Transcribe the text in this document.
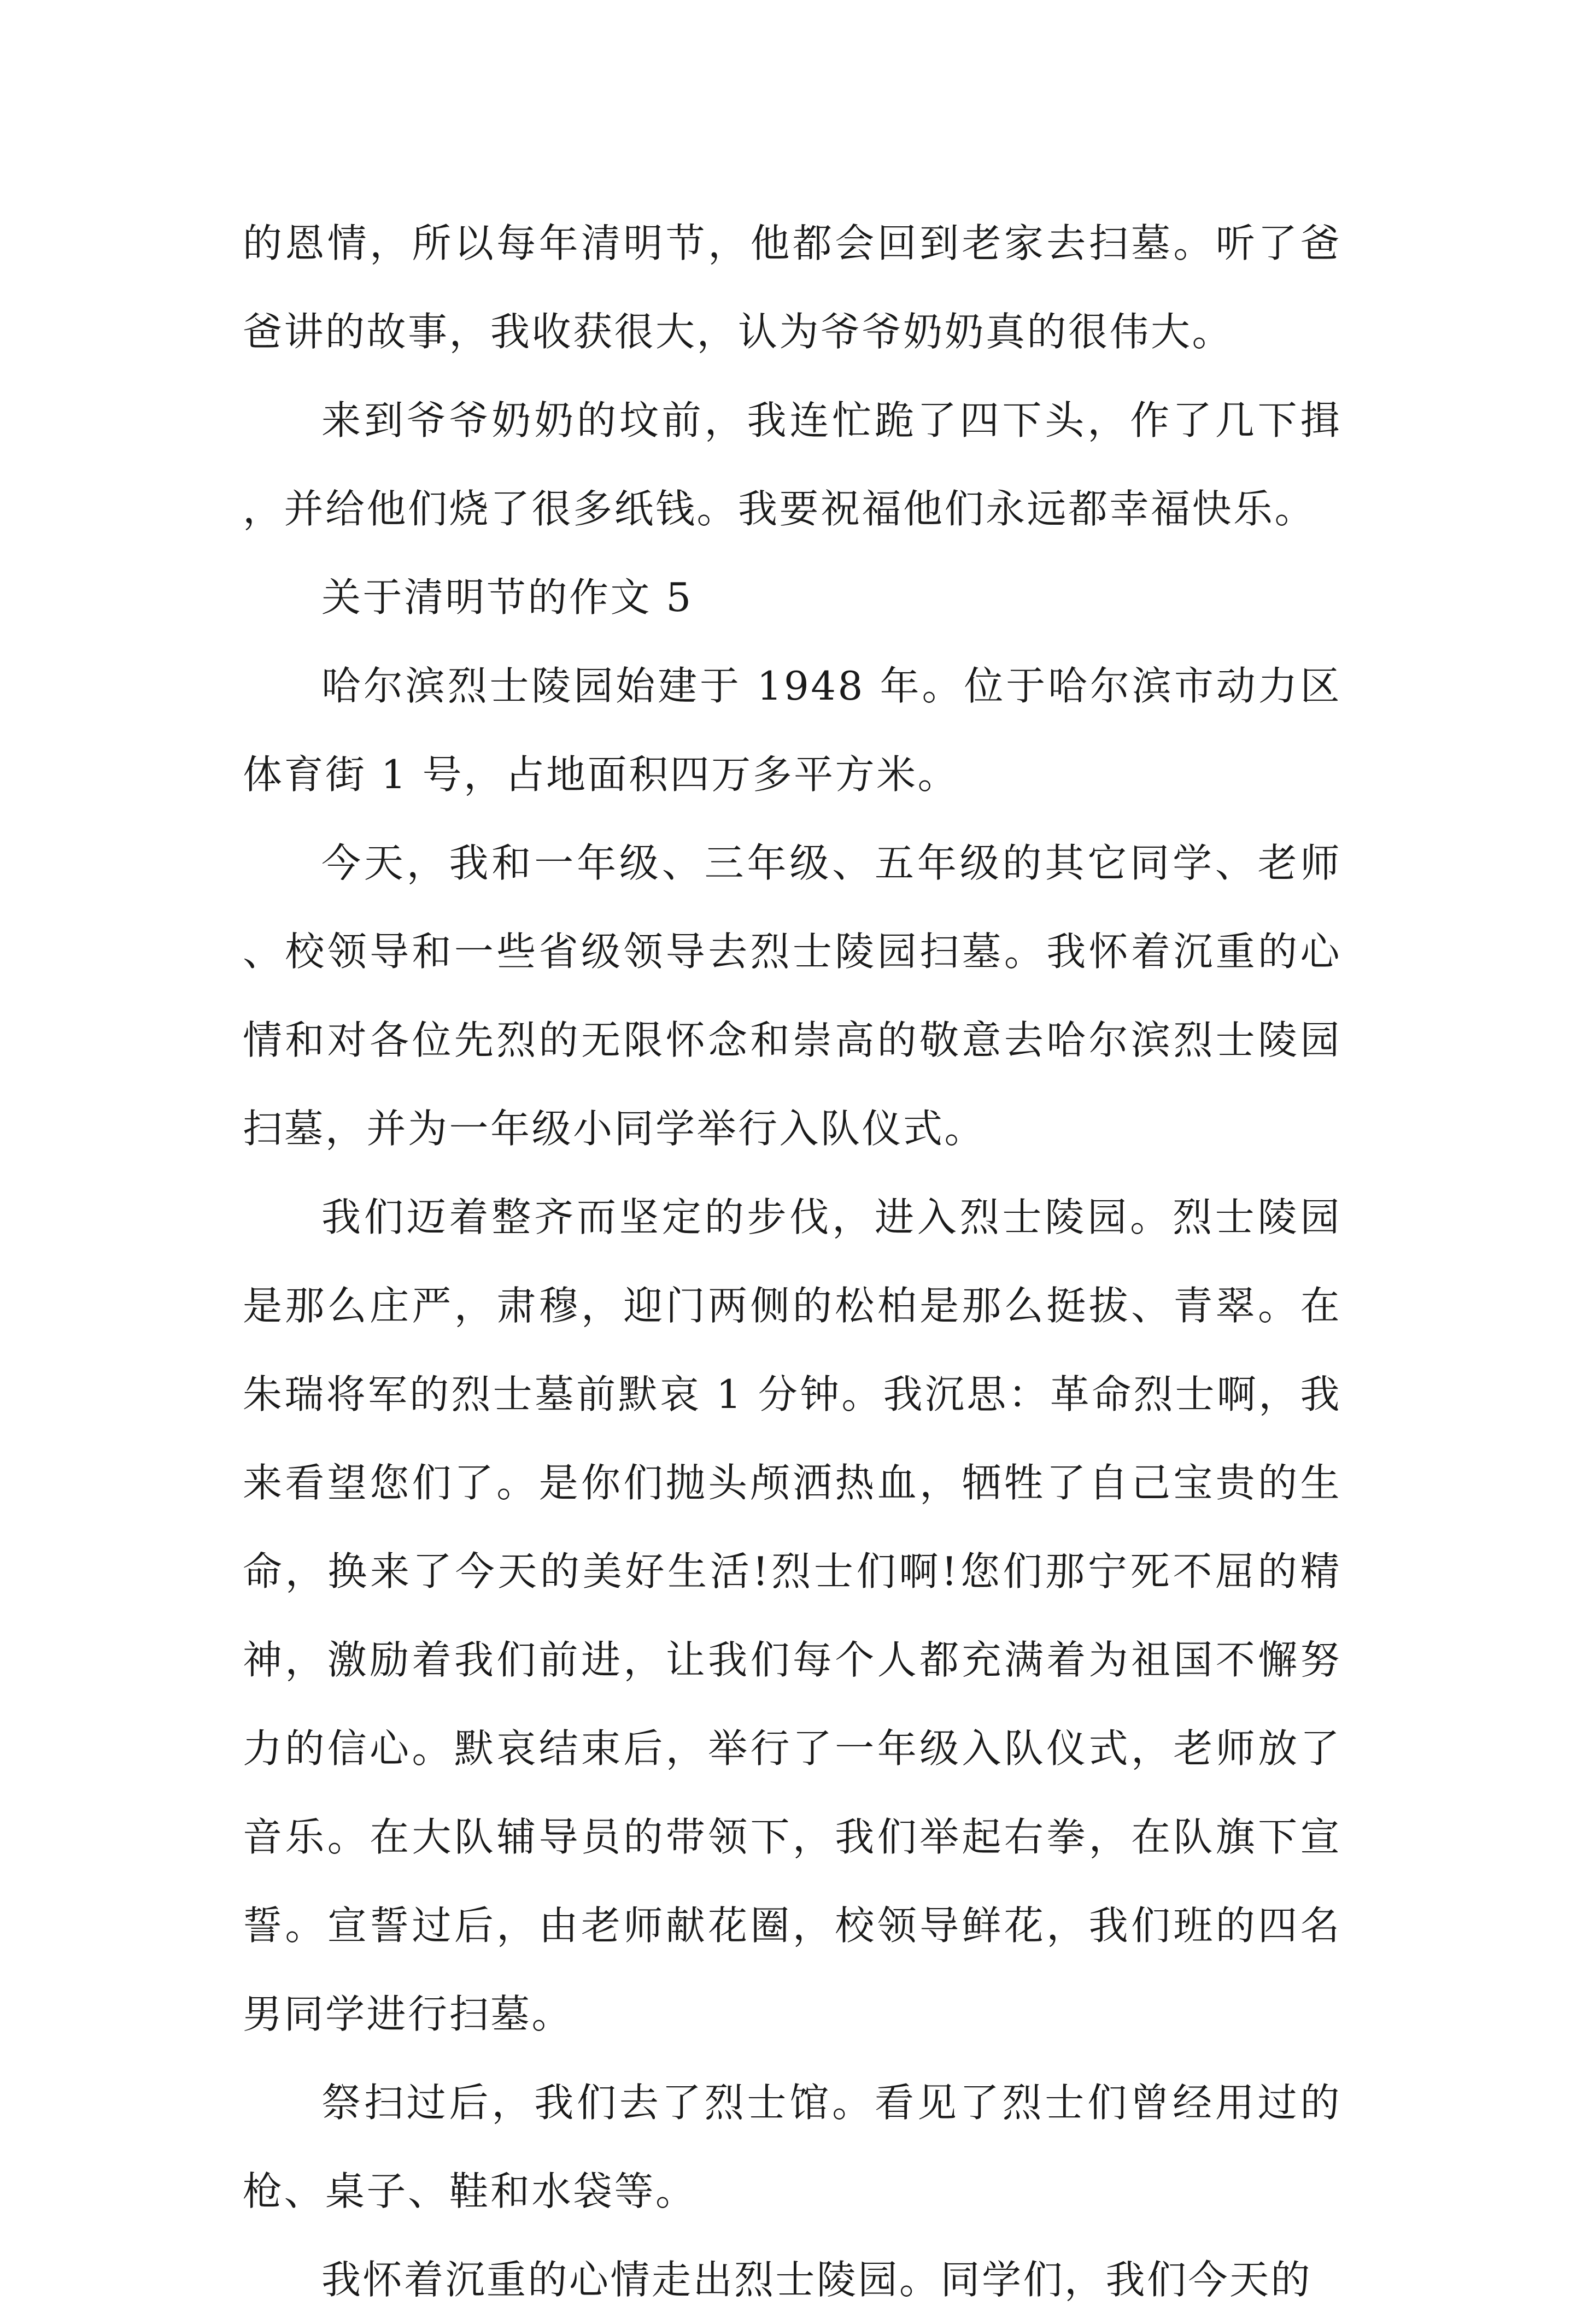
的恩情，所以每年清明节，他都会回到老家去扫墓。听了爸爸讲的故事，我收获很大，认为爷爷奶奶真的很伟大。

来到爷爷奶奶的坟前，我连忙跪了四下头，作了几下揖，并给他们烧了很多纸钱。我要祝福他们永远都幸福快乐。

关于清明节的作文 5

哈尔滨烈士陵园始建于 1948 年。位于哈尔滨市动力区体育街 1 号，占地面积四万多平方米。

今天，我和一年级、三年级、五年级的其它同学、老师、校领导和一些省级领导去烈士陵园扫墓。我怀着沉重的心情和对各位先烈的无限怀念和崇高的敬意去哈尔滨烈士陵园扫墓，并为一年级小同学举行入队仪式。

我们迈着整齐而坚定的步伐，进入烈士陵园。烈士陵园是那么庄严，肃穆，迎门两侧的松柏是那么挺拔、青翠。在朱瑞将军的烈士墓前默哀 1 分钟。我沉思：革命烈士啊，我来看望您们了。是你们抛头颅洒热血，牺牲了自己宝贵的生命，换来了今天的美好生活!烈士们啊!您们那宁死不屈的精神，激励着我们前进，让我们每个人都充满着为祖国不懈努力的信心。默哀结束后，举行了一年级入队仪式，老师放了音乐。在大队辅导员的带领下，我们举起右拳，在队旗下宣誓。宣誓过后，由老师献花圈，校领导鲜花，我们班的四名男同学进行扫墓。

祭扫过后，我们去了烈士馆。看见了烈士们曾经用过的枪、桌子、鞋和水袋等。

我怀着沉重的心情走出烈士陵园。同学们，我们今天的
